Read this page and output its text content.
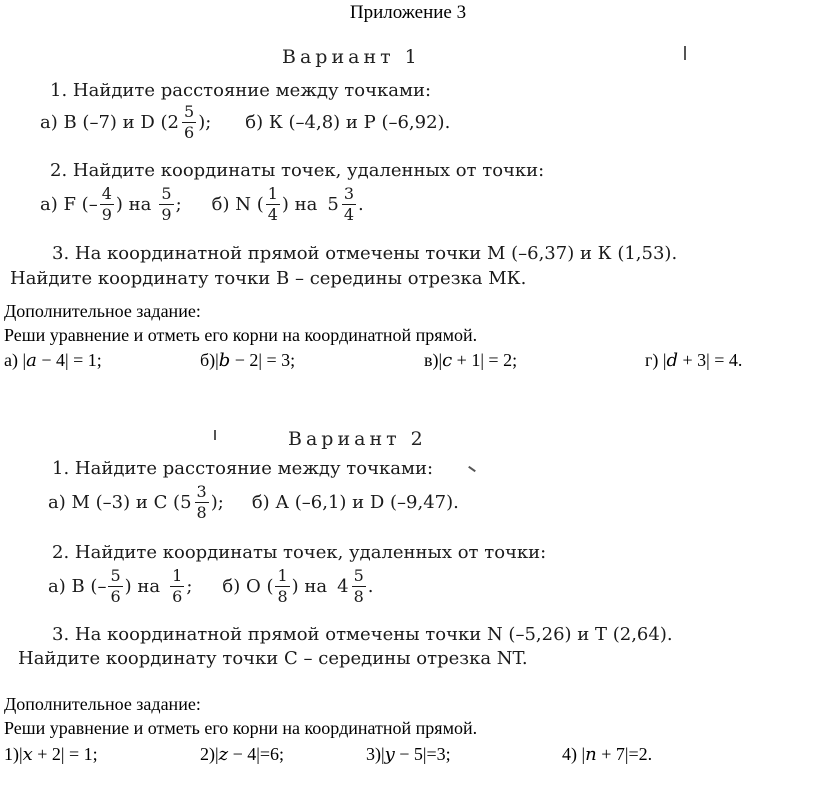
Приложение 3
Вариант 1
1. Найдите расстояние между точками:
а) В (–7) и D ( $2 \frac{5}{6}$ ); б) К (–4,8) и Р (–6,92).
2. Найдите координаты точек, удаленных от точки:
а) F (– $\frac{4}{9}$ ) на $\frac{5}{9}$ ; б) N ( $\frac{1}{4}$ ) на $5 \frac{3}{4}$ .
3. На координатной прямой отмечены точки М (–6,37) и К (1,53).
Найдите координату точки В – середины отрезка МК.
Дополнительное задание:
Реши уравнение и отметь его корни на координатной прямой.
а) |𝑎 − 4| = 1;	б)|𝑏 − 2| = 3;	в)|𝑐 + 1| = 2;	г) |𝑑 + 3| = 4.
Вариант 2
1. Найдите расстояние между точками:
а) М (–3) и С ( $5 \frac{3}{8}$ ); б) А (–6,1) и D (–9,47).
2. Найдите координаты точек, удаленных от точки:
а) В (– $\frac{5}{6}$ ) на $\frac{1}{6}$ ; б) О ( $\frac{1}{8}$ ) на $4 \frac{5}{8}$ .
3. На координатной прямой отмечены точки N (–5,26) и Т (2,64).
Найдите координату точки С – середины отрезка NT.
Дополнительное задание:
Реши уравнение и отметь его корни на координатной прямой.
1)|𝑥 + 2| = 1;	2)|𝑧 − 4|=6;	3)|𝑦 − 5|=3;	4) |𝑛 + 7|=2.
